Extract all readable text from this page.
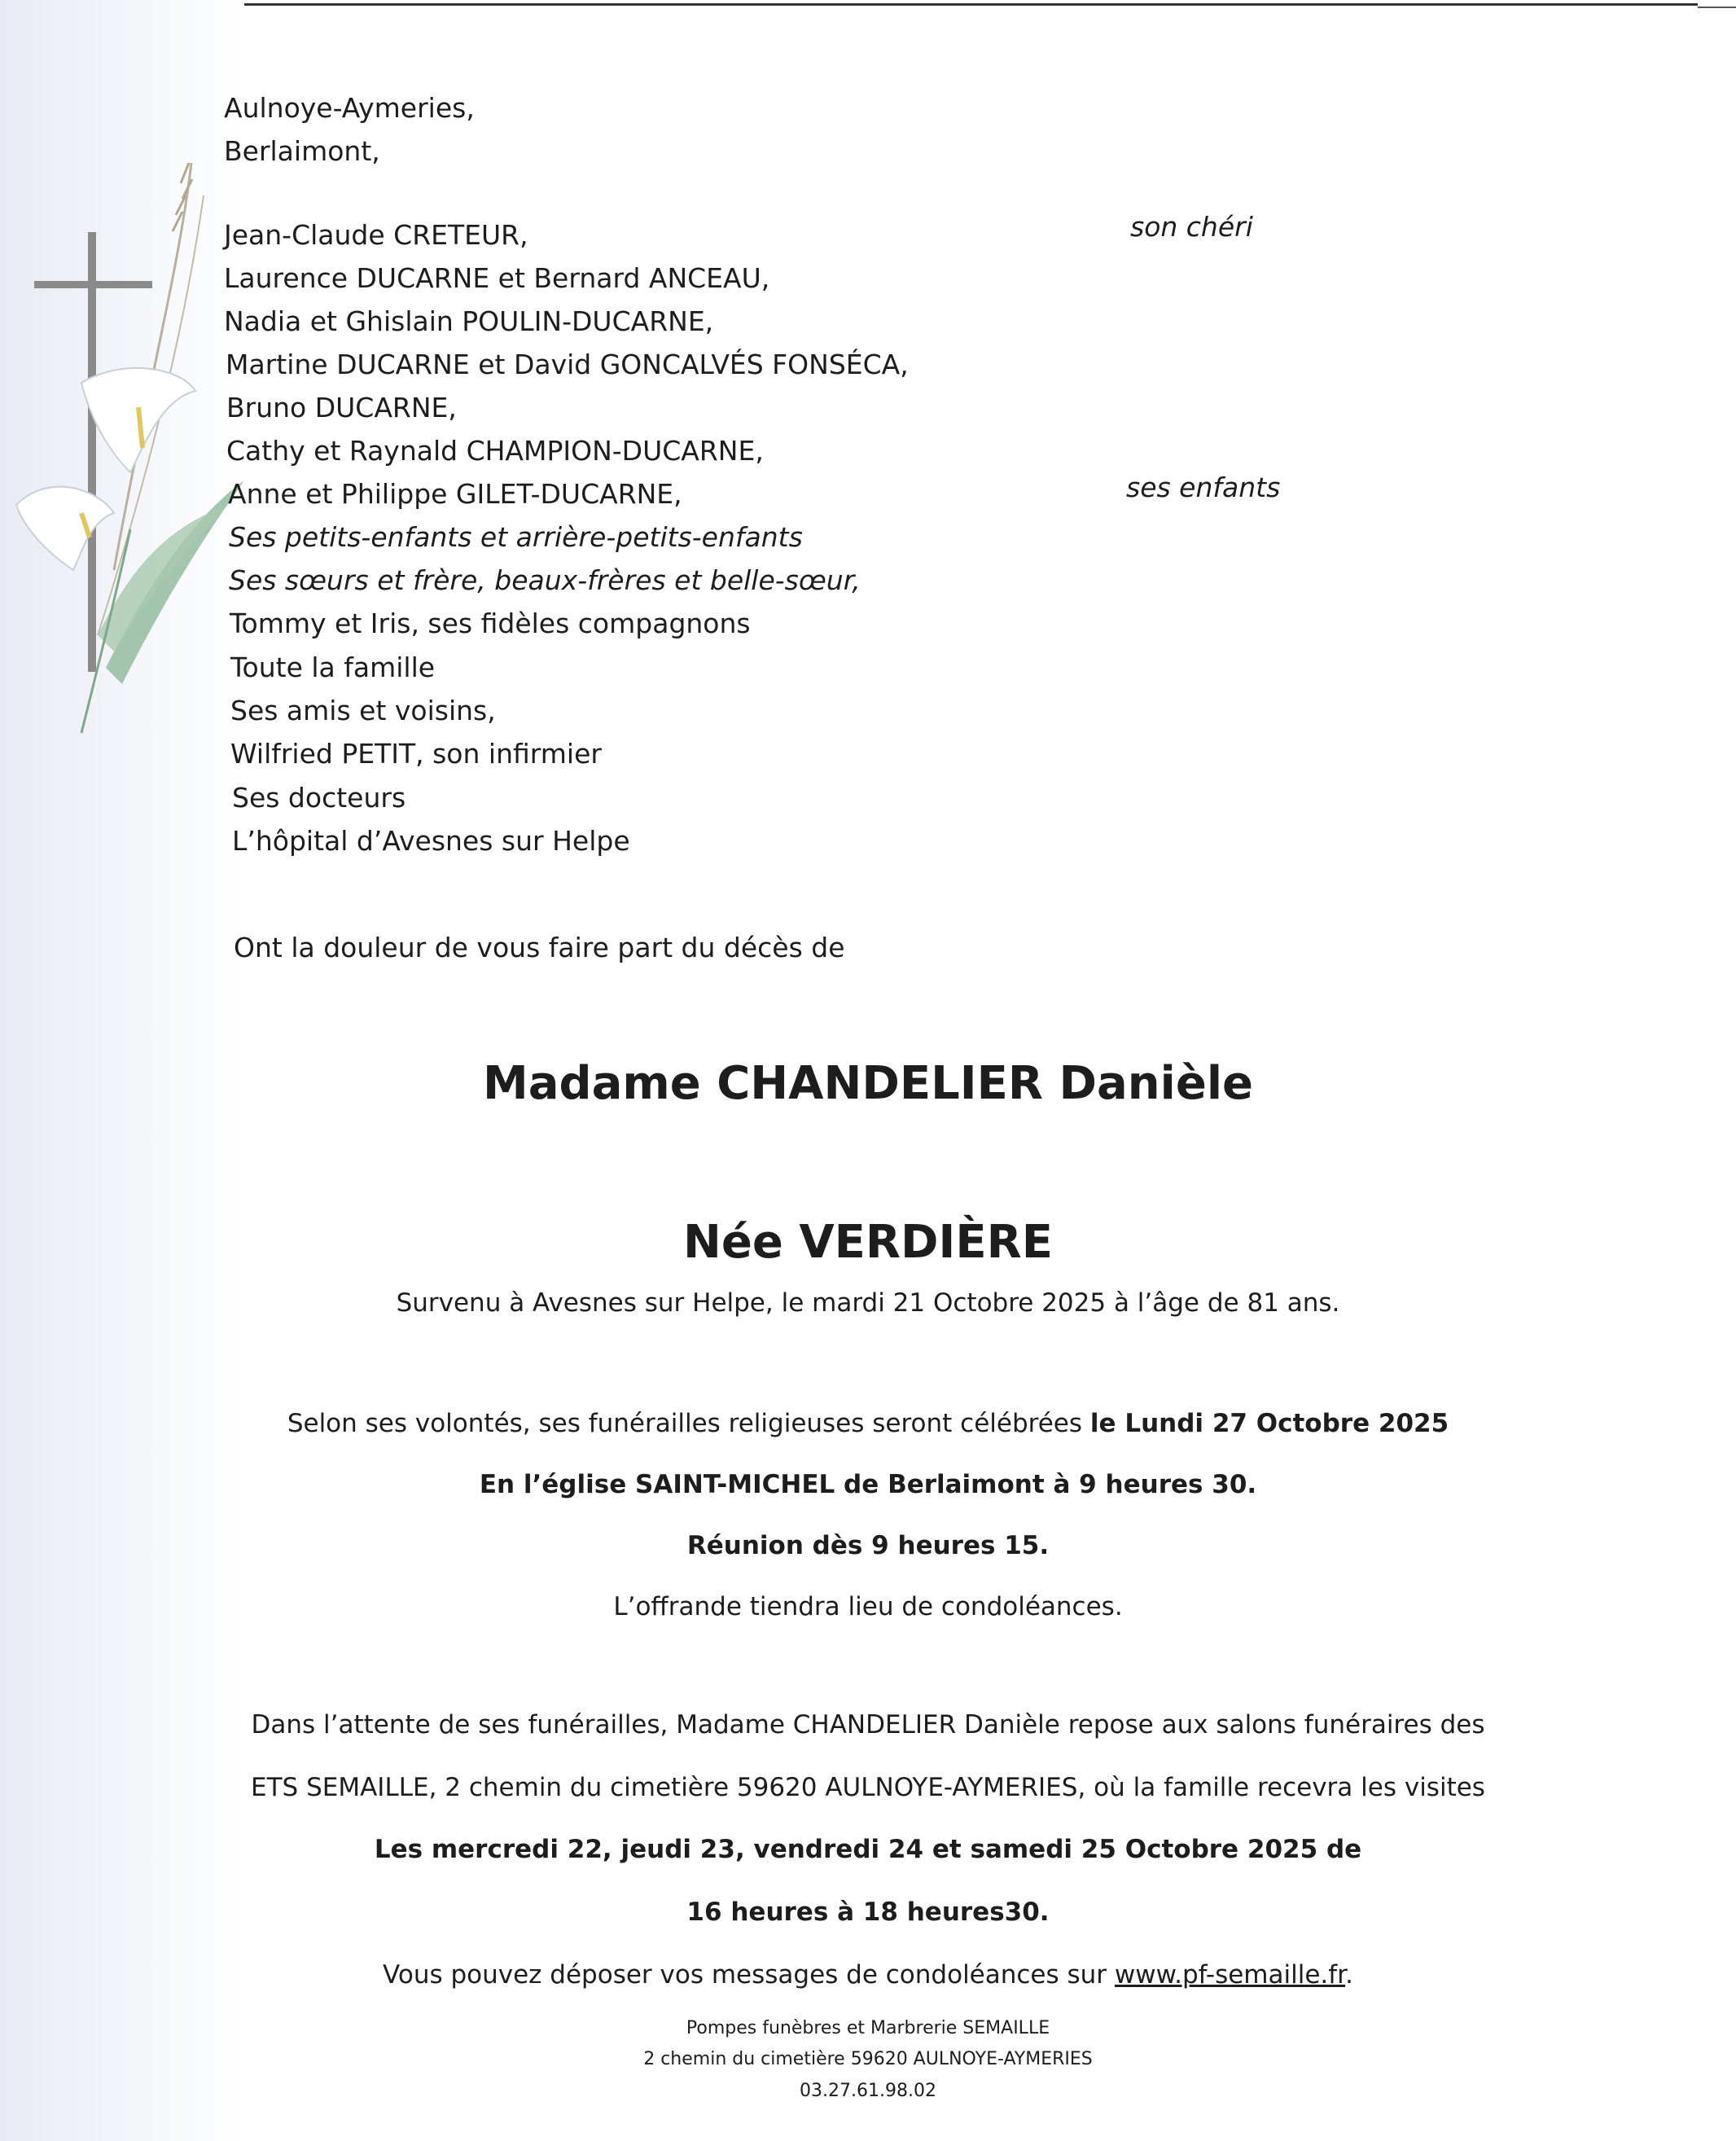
Aulnoye-Aymeries,
Berlaimont,
Jean-Claude CRETEUR,	son chéri
Laurence DUCARNE et Bernard ANCEAU,
Nadia et Ghislain POULIN-DUCARNE,
Martine DUCARNE et David GONCALVÉS FONSÉCA,
Bruno DUCARNE,
Cathy et Raynald CHAMPION-DUCARNE,
Anne et Philippe GILET-DUCARNE,	ses enfants
Ses petits-enfants et arrière-petits-enfants
Ses sœurs et frère, beaux-frères et belle-sœur,
Tommy et Iris, ses fidèles compagnons
Toute la famille
Ses amis et voisins,
Wilfried PETIT, son infirmier
Ses docteurs
L’hôpital d’Avesnes sur Helpe
Ont la douleur de vous faire part du décès de
Madame CHANDELIER Danièle
Née VERDIÈRE
Survenu à Avesnes sur Helpe, le mardi 21 Octobre 2025 à l’âge de 81 ans.
Selon ses volontés, ses funérailles religieuses seront célébrées le Lundi 27 Octobre 2025
En l’église SAINT-MICHEL de Berlaimont à 9 heures 30.
Réunion dès 9 heures 15.
L’offrande tiendra lieu de condoléances.
Dans l’attente de ses funérailles, Madame CHANDELIER Danièle repose aux salons funéraires des
ETS SEMAILLE, 2 chemin du cimetière 59620 AULNOYE-AYMERIES, où la famille recevra les visites
Les mercredi 22, jeudi 23, vendredi 24 et samedi 25 Octobre 2025 de
16 heures à 18 heures30.
Vous pouvez déposer vos messages de condoléances sur www.pf-semaille.fr.
Pompes funèbres et Marbrerie SEMAILLE
2 chemin du cimetière 59620 AULNOYE-AYMERIES
03.27.61.98.02
